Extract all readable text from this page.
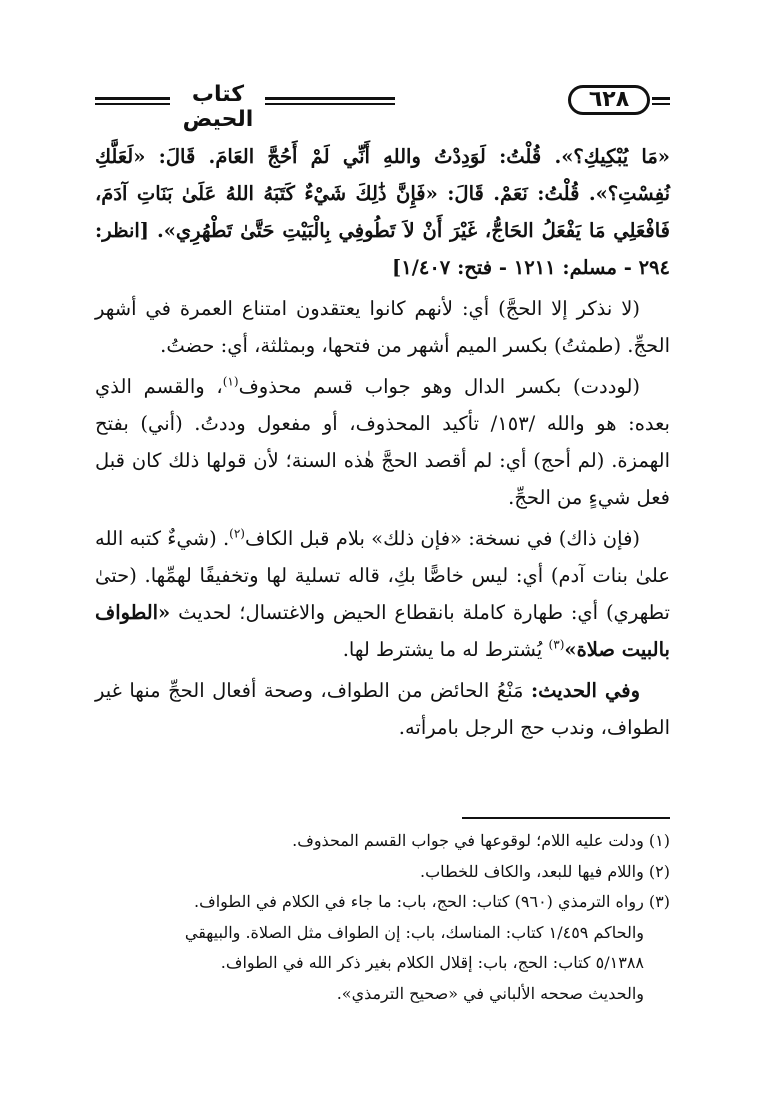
٦٢٨
كتاب الحيض

«مَا يُبْكِيكِ؟». قُلْتُ: لَوَدِدْتُ واللهِ أَنِّي لَمْ أَحُجَّ العَامَ. قَالَ: «لَعَلَّكِ نُفِسْتِ؟». قُلْتُ: نَعَمْ. قَالَ: «فَإِنَّ ذَٰلِكَ شَيْءٌ كَتَبَهُ اللهُ عَلَىٰ بَنَاتِ آدَمَ، فَافْعَلِي مَا يَفْعَلُ الحَاجُّ، غَيْرَ أَنْ لاَ تَطُوفِي بِالْبَيْتِ حَتَّىٰ تَطْهُرِي». [انظر: ٢٩٤ - مسلم: ١٢١١ - فتح: ١/٤٠٧]

(لا نذكر إلا الحجَّ) أي: لأنهم كانوا يعتقدون امتناع العمرة في أشهر الحجِّ. (طمثتُ) بكسر الميم أشهر من فتحها، وبمثلثة، أي: حضتُ.

(لوددت) بكسر الدال وهو جواب قسم محذوف$^{(١)}$، والقسم الذي بعده: هو والله /١٥٣/ تأكيد المحذوف، أو مفعول وددتُ. (أني) بفتح الهمزة. (لم أحج) أي: لم أقصد الحجَّ هٰذه السنة؛ لأن قولها ذلك كان قبل فعل شيءٍ من الحجِّ.

(فإن ذاك) في نسخة: «فإن ذلك» بلام قبل الكاف$^{(٢)}$. (شيءٌ كتبه الله علىٰ بنات آدم) أي: ليس خاصًّا بكِ، قاله تسلية لها وتخفيفًا لهمِّها. (حتىٰ تطهري) أي: طهارة كاملة بانقطاع الحيض والاغتسال؛ لحديث «الطواف بالبيت صلاة»$^{(٣)}$ يُشترط له ما يشترط لها.

وفي الحديث: مَنْعُ الحائض من الطواف، وصحة أفعال الحجِّ منها غير الطواف، وندب حج الرجل بامرأته.

(١) ودلت عليه اللام؛ لوقوعها في جواب القسم المحذوف.

(٢) واللام فيها للبعد، والكاف للخطاب.

(٣) رواه الترمذي (٩٦٠) كتاب: الحج، باب: ما جاء في الكلام في الطواف.

والحاكم ١/٤٥٩ كتاب: المناسك، باب: إن الطواف مثل الصلاة. والبيهقي

٥/١٣٨٨ كتاب: الحج، باب: إقلال الكلام بغير ذكر الله في الطواف.

والحديث صححه الألباني في «صحيح الترمذي».
